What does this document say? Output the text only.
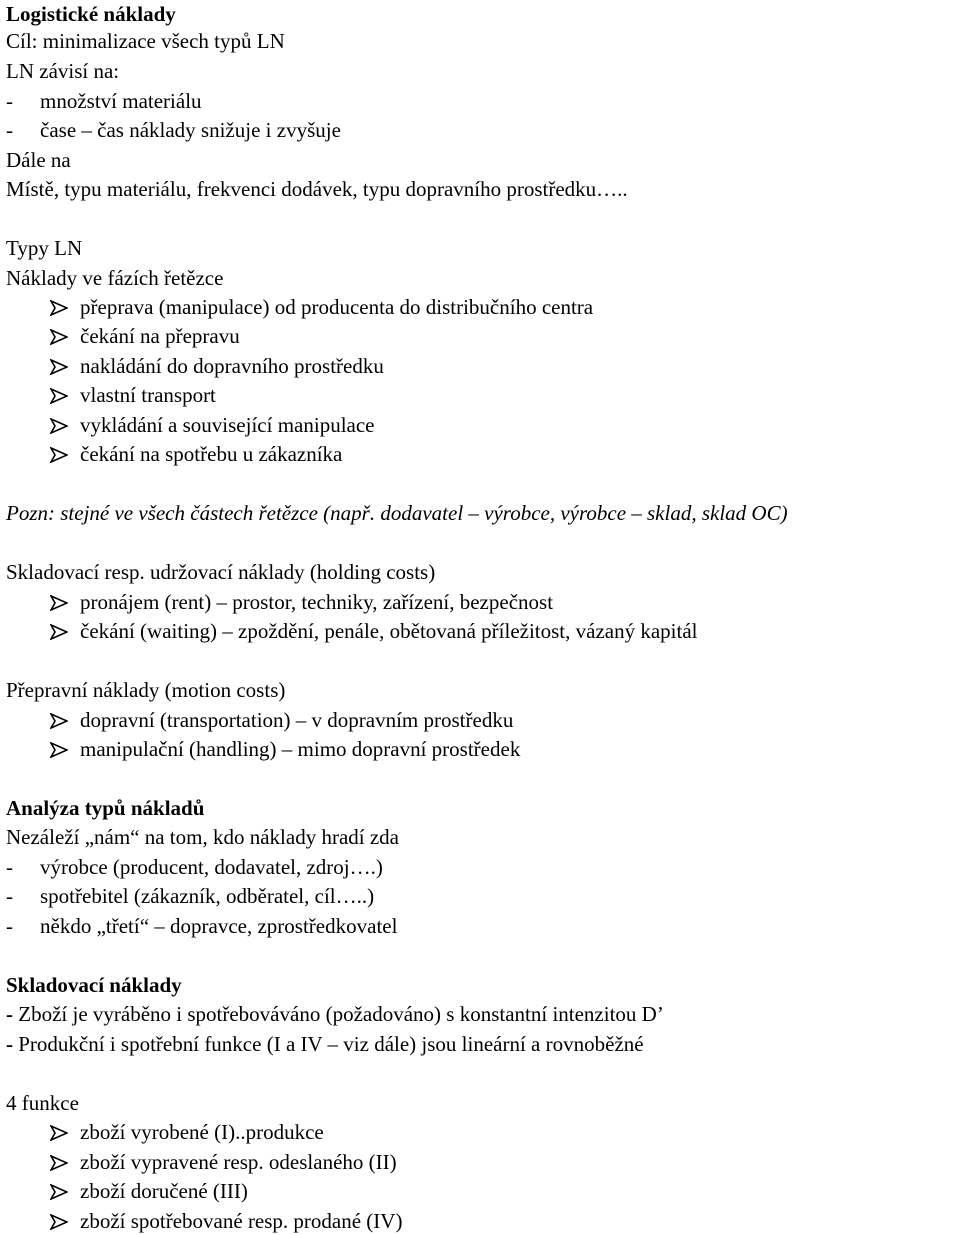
Logistické náklady
Cíl: minimalizace všech typů LN
LN závisí na:
-	množství materiálu
-	čase – čas náklady snižuje i zvyšuje
Dále na
Místě, typu materiálu, frekvenci dodávek, typu dopravního prostředku…..
Typy LN
Náklady ve fázích řetězce
přeprava (manipulace) od producenta do distribučního centra
čekání na přepravu
nakládání do dopravního prostředku
vlastní transport
vykládání a související manipulace
čekání na spotřebu u zákazníka
Pozn: stejné ve všech částech řetězce (např. dodavatel – výrobce, výrobce – sklad, sklad OC)
Skladovací resp. udržovací náklady (holding costs)
pronájem (rent) – prostor, techniky, zařízení, bezpečnost
čekání (waiting) – zpoždění, penále, obětovaná příležitost, vázaný kapitál
Přepravní náklady (motion costs)
dopravní (transportation) – v dopravním prostředku
manipulační (handling) – mimo dopravní prostředek
Analýza typů nákladů
Nezáleží „nám“ na tom, kdo náklady hradí zda
-	výrobce (producent, dodavatel, zdroj….)
-	spotřebitel (zákazník, odběratel, cíl…..)
-	někdo „třetí“ – dopravce, zprostředkovatel
Skladovací náklady
- Zboží je vyráběno i spotřebováváno (požadováno) s konstantní intenzitou D’
- Produkční i spotřební funkce (I a IV – viz dále) jsou lineární a rovnoběžné
4 funkce
zboží vyrobené (I)..produkce
zboží vypravené resp. odeslaného (II)
zboží doručené (III)
zboží spotřebované resp. prodané (IV)
